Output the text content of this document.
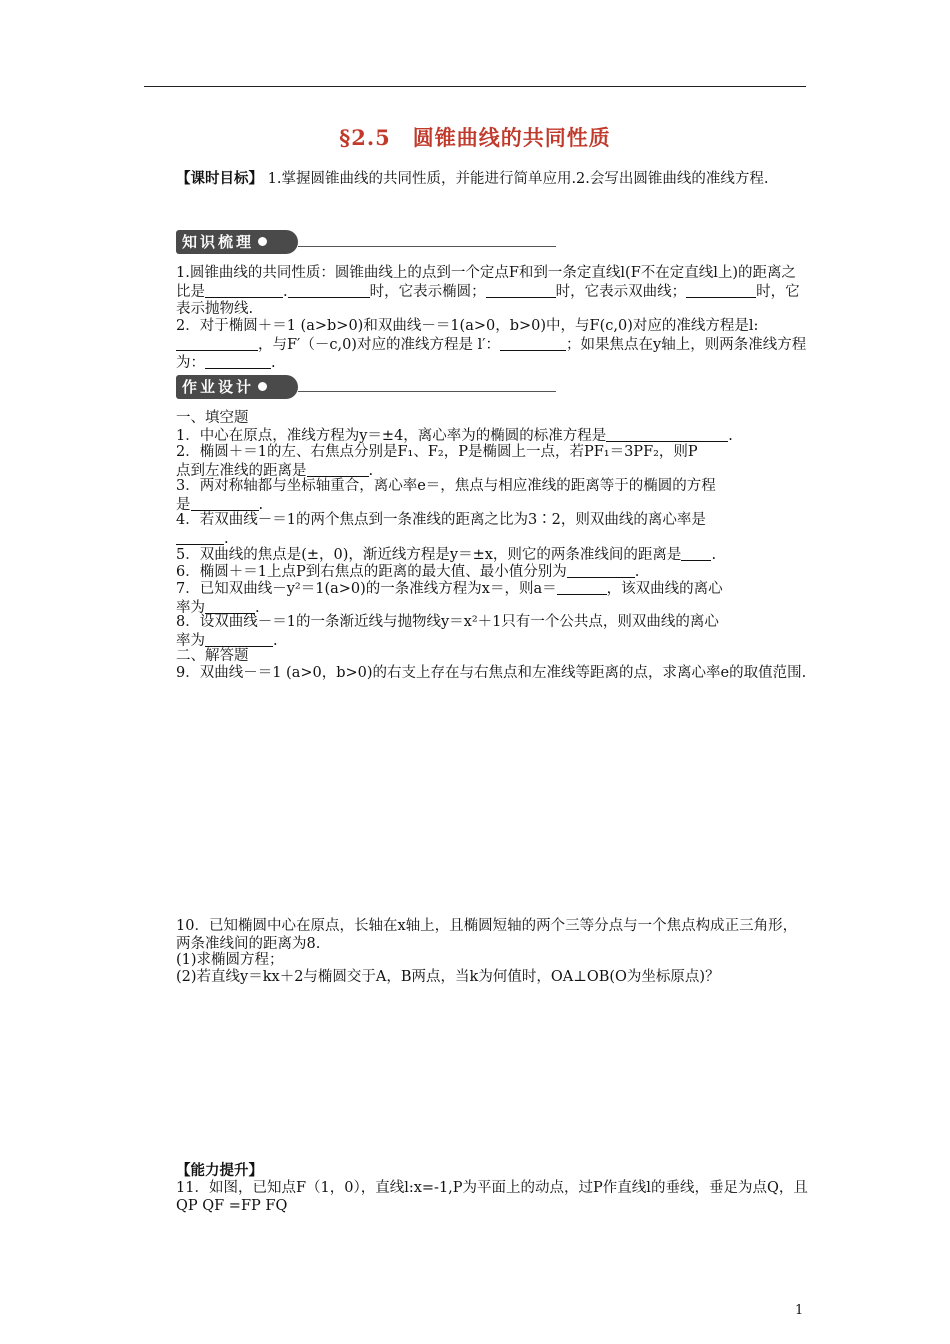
§2.5　圆锥曲线的共同性质

【课时目标】 1.掌握圆锥曲线的共同性质，并能进行简单应用.2.会写出圆锥曲线的准线方程.

知识梳理

1.圆锥曲线的共同性质：圆锥曲线上的点到一个定点F和到一条定直线l(F不在定直线l上)的距离之比是	.	时，它表示椭圆；	时，它表示双曲线；	时，它表示抛物线.

2．对于椭圆＋＝1 (a>b>0)和双曲线－＝1(a>0，b>0)中，与F(c,0)对应的准线方程是l:，与F′（－c,0)对应的准线方程是 l′：	；如果焦点在y轴上，则两条准线方程为：	.

作业设计

一、填空题

1．中心在原点，准线方程为y＝±4，离心率为的椭圆的标准方程是	.

2．椭圆＋＝1的左、右焦点分别是F₁、F₂，P是椭圆上一点，若PF₁＝3PF₂，则P
点到左准线的距离是	.

3．两对称轴都与坐标轴重合，离心率e＝，焦点与相应准线的距离等于的椭圆的方程
是	.

4．若双曲线－＝1的两个焦点到一条准线的距离之比为3∶2，则双曲线的离心率是
.

5．双曲线的焦点是(±，0)，渐近线方程是y＝±x，则它的两条准线间的距离是 .

6．椭圆＋＝1上点P到右焦点的距离的最大值、最小值分别为	.

7．已知双曲线－y²＝1(a>0)的一条准线方程为x＝，则a＝	，该双曲线的离心
率为	.

8．设双曲线－＝1的一条渐近线与抛物线y＝x²＋1只有一个公共点，则双曲线的离心
率为	.

二、解答题

9．双曲线－＝1 (a>0，b>0)的右支上存在与右焦点和左准线等距离的点，求离心率e的取值范围.

10．已知椭圆中心在原点，长轴在x轴上，且椭圆短轴的两个三等分点与一个焦点构成正三角形，两条准线间的距离为8.

(1)求椭圆方程；

(2)若直线y＝kx＋2与椭圆交于A，B两点，当k为何值时，OA⊥OB(O为坐标原点)？

【能力提升】

11．如图，已知点F（1，0），直线l:x=-1,P为平面上的动点，过P作直线l的垂线，垂足为点Q，且QP QF =FP FQ

1
